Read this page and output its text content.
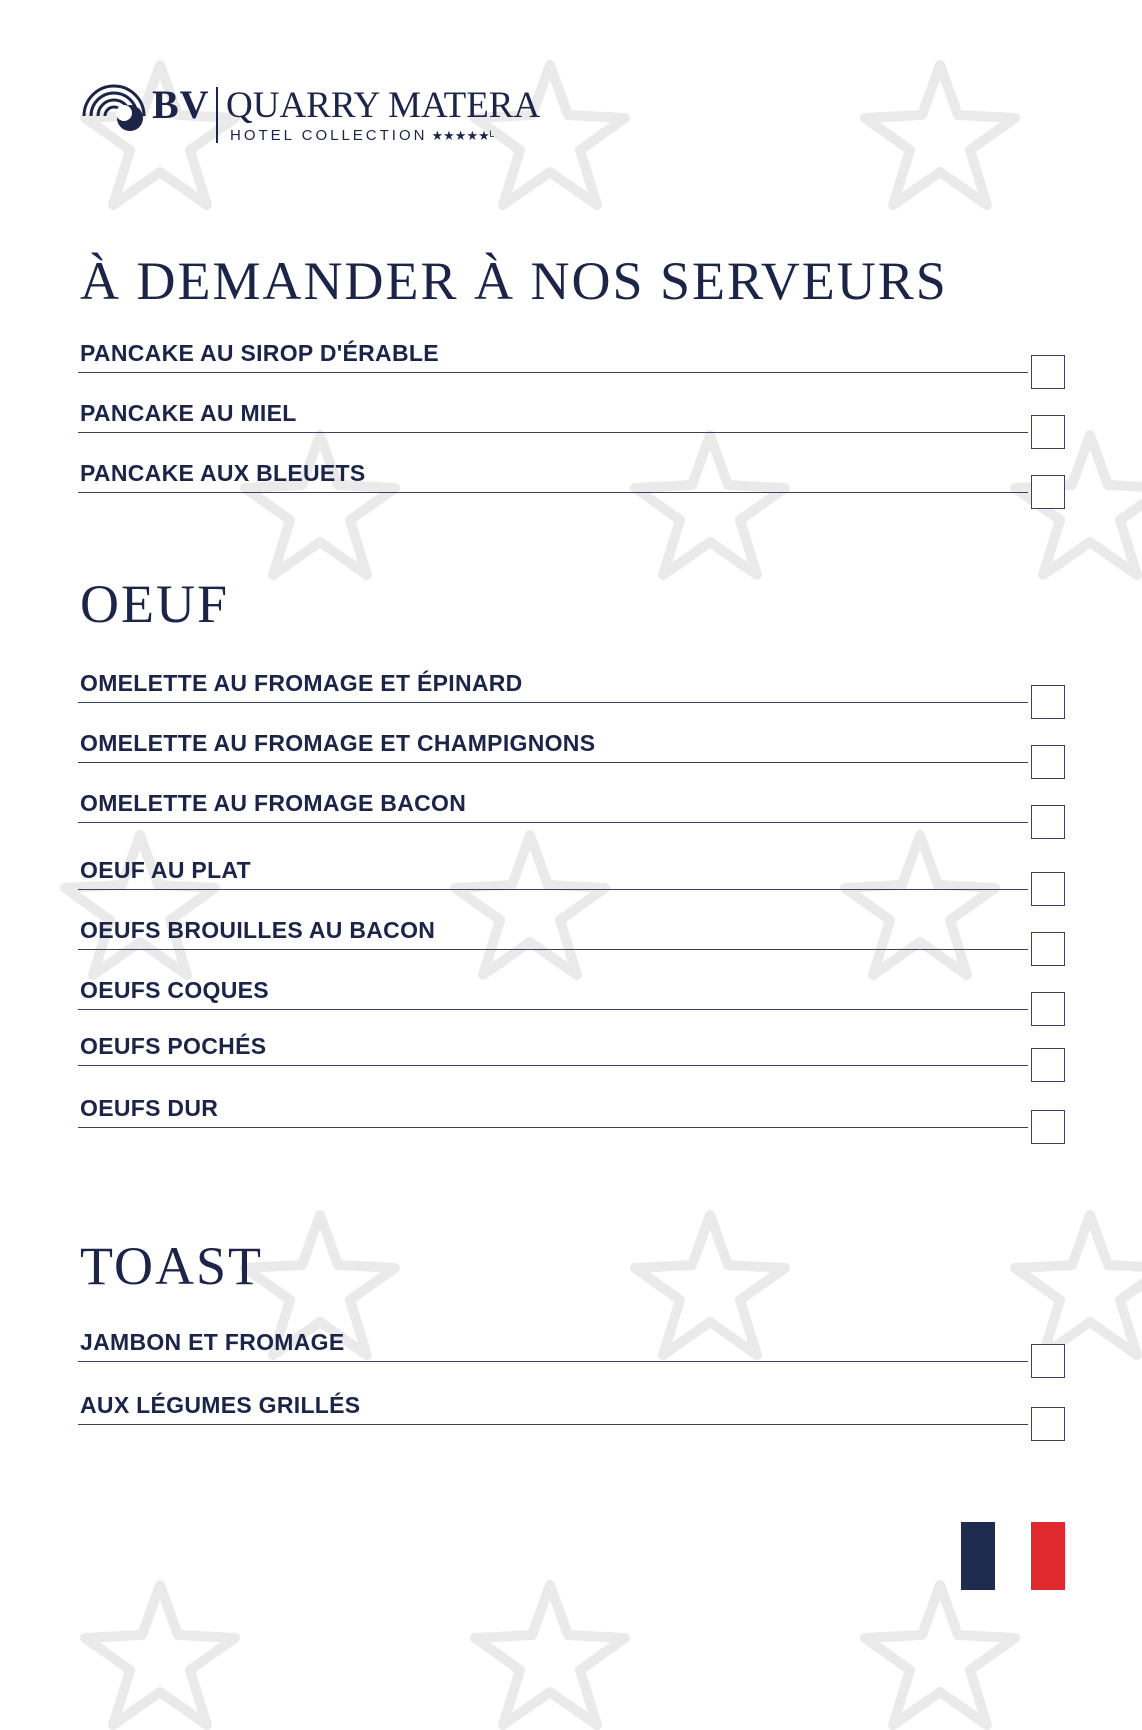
BV QUARRY MATERA
HOTEL COLLECTION ★★★★★ᴸ
À DEMANDER À NOS SERVEURS
PANCAKE AU SIROP D'ÉRABLE
PANCAKE AU MIEL
PANCAKE AUX BLEUETS
OEUF
OMELETTE AU FROMAGE ET ÉPINARD
OMELETTE AU FROMAGE ET CHAMPIGNONS
OMELETTE AU FROMAGE BACON
OEUF AU PLAT
OEUFS BROUILLES AU BACON
OEUFS COQUES
OEUFS POCHÉS
OEUFS DUR
TOAST
JAMBON ET FROMAGE
AUX LÉGUMES GRILLÉS
